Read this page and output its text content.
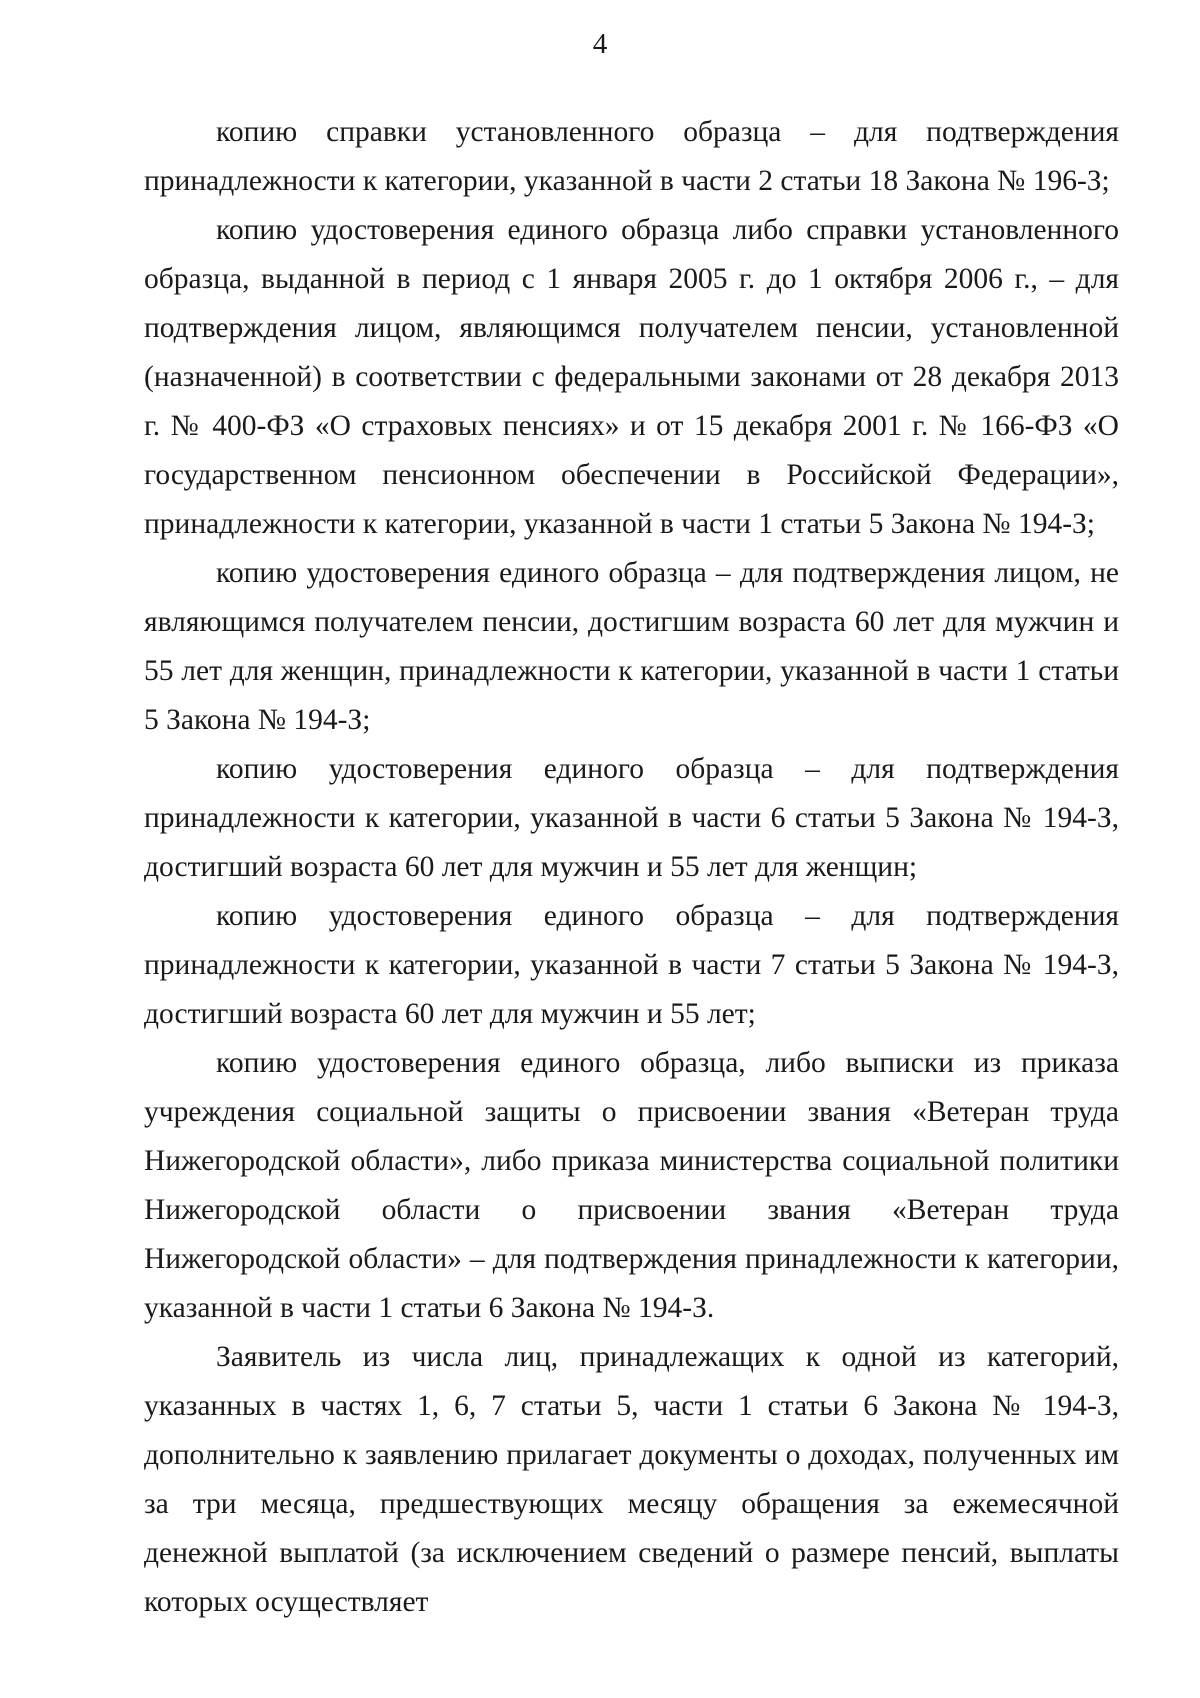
4

копию справки установленного образца – для подтверждения принадлежности к категории, указанной в части 2 статьи 18 Закона № 196-З;

копию удостоверения единого образца либо справки установленного образца, выданной в период с 1 января 2005 г. до 1 октября 2006 г., – для подтверждения лицом, являющимся получателем пенсии, установленной (назначенной) в соответствии с федеральными законами от 28 декабря 2013 г. № 400-ФЗ «О страховых пенсиях» и от 15 декабря 2001 г. № 166-ФЗ «О государственном пенсионном обеспечении в Российской Федерации», принадлежности к категории, указанной в части 1 статьи 5 Закона № 194-З;

копию удостоверения единого образца – для подтверждения лицом, не являющимся получателем пенсии, достигшим возраста 60 лет для мужчин и 55 лет для женщин, принадлежности к категории, указанной в части 1 статьи 5 Закона № 194-З;

копию удостоверения единого образца – для подтверждения принадлежности к категории, указанной в части 6 статьи 5 Закона № 194-З, достигший возраста 60 лет для мужчин и 55 лет для женщин;

копию удостоверения единого образца – для подтверждения принадлежности к категории, указанной в части 7 статьи 5 Закона № 194-З, достигший возраста 60 лет для мужчин и 55 лет;

копию удостоверения единого образца, либо выписки из приказа учреждения социальной защиты о присвоении звания «Ветеран труда Нижегородской области», либо приказа министерства социальной политики Нижегородской области о присвоении звания «Ветеран труда Нижегородской области» – для подтверждения принадлежности к категории, указанной в части 1 статьи 6 Закона № 194-З.

Заявитель из числа лиц, принадлежащих к одной из категорий, указанных в частях 1, 6, 7 статьи 5, части 1 статьи 6 Закона № 194-З, дополнительно к заявлению прилагает документы о доходах, полученных им за три месяца, предшествующих месяцу обращения за ежемесячной денежной выплатой (за исключением сведений о размере пенсий, выплаты которых осуществляет
